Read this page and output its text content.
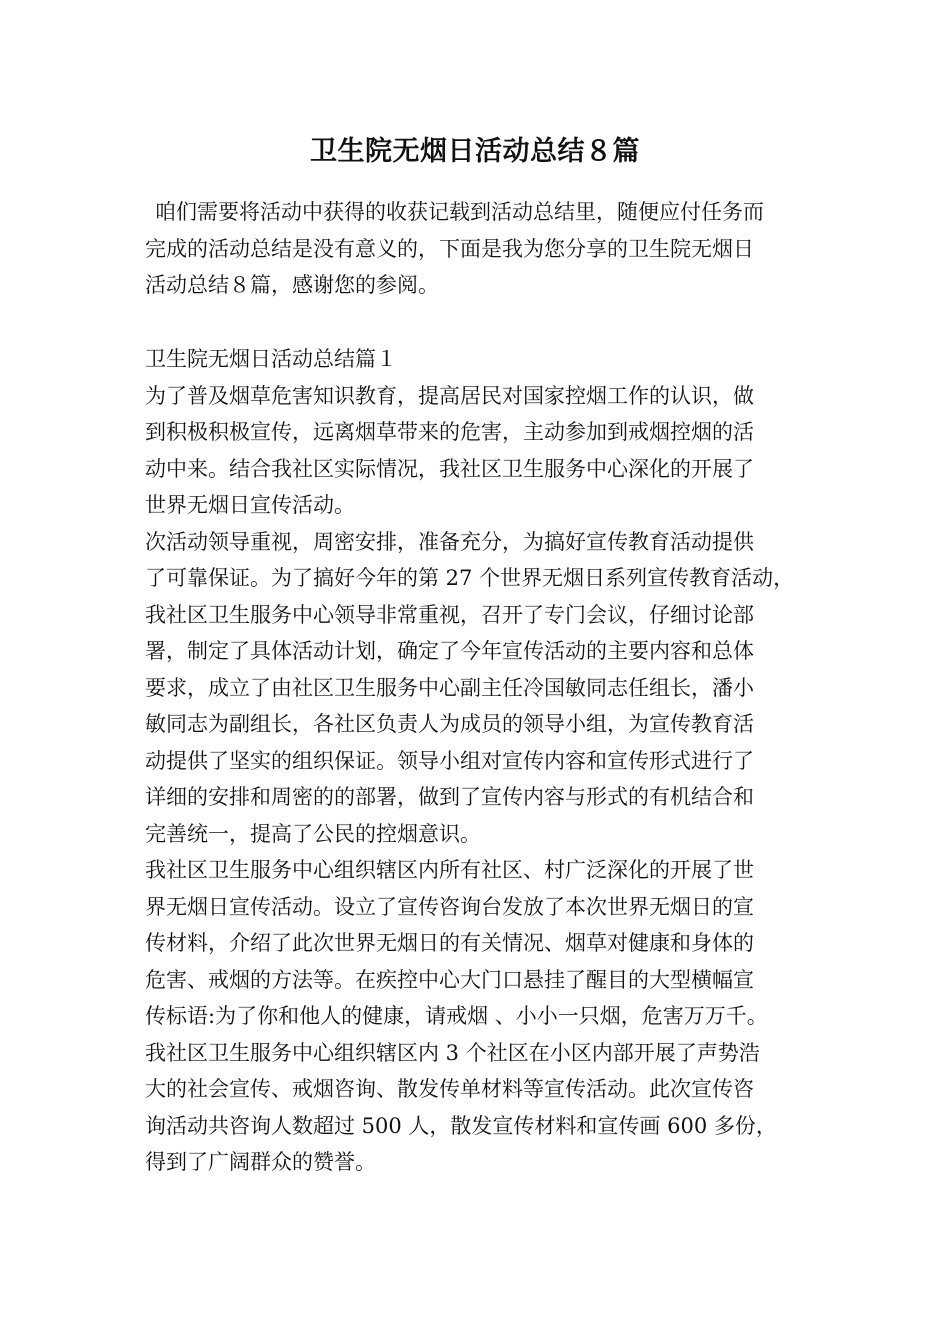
卫生院无烟日活动总结８篇
咱们需要将活动中获得的收获记载到活动总结里，随便应付任务而
完成的活动总结是没有意义的，下面是我为您分享的卫生院无烟日
活动总结８篇，感谢您的参阅。
卫生院无烟日活动总结篇１
为了普及烟草危害知识教育，提高居民对国家控烟工作的认识，做
到积极积极宣传，远离烟草带来的危害，主动参加到戒烟控烟的活
动中来。结合我社区实际情况，我社区卫生服务中心深化的开展了
世界无烟日宣传活动。
次活动领导重视，周密安排，准备充分，为搞好宣传教育活动提供
了可靠保证。为了搞好今年的第 27 个世界无烟日系列宣传教育活动，
我社区卫生服务中心领导非常重视，召开了专门会议，仔细讨论部
署，制定了具体活动计划，确定了今年宣传活动的主要内容和总体
要求，成立了由社区卫生服务中心副主任冷国敏同志任组长，潘小
敏同志为副组长，各社区负责人为成员的领导小组，为宣传教育活
动提供了坚实的组织保证。领导小组对宣传内容和宣传形式进行了
详细的安排和周密的的部署，做到了宣传内容与形式的有机结合和
完善统一，提高了公民的控烟意识。
我社区卫生服务中心组织辖区内所有社区、村广泛深化的开展了世
界无烟日宣传活动。设立了宣传咨询台发放了本次世界无烟日的宣
传材料，介绍了此次世界无烟日的有关情况、烟草对健康和身体的
危害、戒烟的方法等。在疾控中心大门口悬挂了醒目的大型横幅宣
传标语:为了你和他人的健康，请戒烟 、小小一只烟，危害万万千。
我社区卫生服务中心组织辖区内 3 个社区在小区内部开展了声势浩
大的社会宣传、戒烟咨询、散发传单材料等宣传活动。此次宣传咨
询活动共咨询人数超过 500 人，散发宣传材料和宣传画 600 多份，
得到了广阔群众的赞誉。
